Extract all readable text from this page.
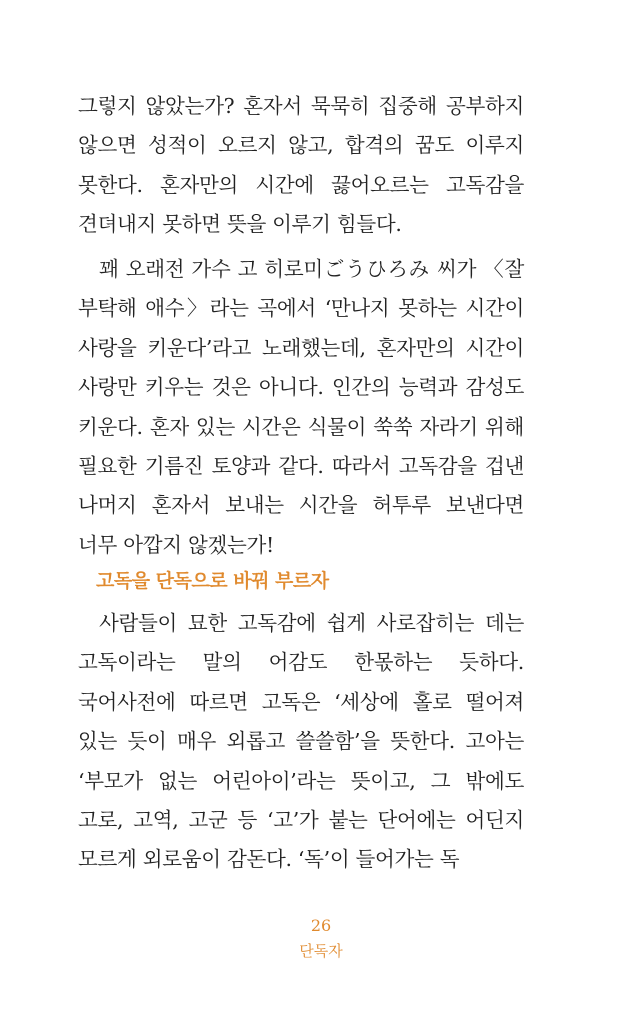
그렇지 않았는가? 혼자서 묵묵히 집중해 공부하지 않으면 성적이 오르지 않고, 합격의 꿈도 이루지 못한다. 혼자만의 시간에 끓어오르는 고독감을 견뎌내지 못하면 뜻을 이루기 힘들다.

꽤 오래전 가수 고 히로미ごうひろみ 씨가 〈잘 부탁해 애수〉라는 곡에서 ‘만나지 못하는 시간이 사랑을 키운다’라고 노래했는데, 혼자만의 시간이 사랑만 키우는 것은 아니다. 인간의 능력과 감성도 키운다. 혼자 있는 시간은 식물이 쑥쑥 자라기 위해 필요한 기름진 토양과 같다. 따라서 고독감을 겁낸 나머지 혼자서 보내는 시간을 허투루 보낸다면 너무 아깝지 않겠는가!

고독을 단독으로 바꿔 부르자

사람들이 묘한 고독감에 쉽게 사로잡히는 데는 고독이라는 말의 어감도 한몫하는 듯하다. 국어사전에 따르면 고독은 ‘세상에 홀로 떨어져 있는 듯이 매우 외롭고 쓸쓸함’을 뜻한다. 고아는 ‘부모가 없는 어린아이’라는 뜻이고, 그 밖에도 고로, 고역, 고군 등 ‘고’가 붙는 단어에는 어딘지 모르게 외로움이 감돈다. ‘독’이 들어가는 독

26
단독자
